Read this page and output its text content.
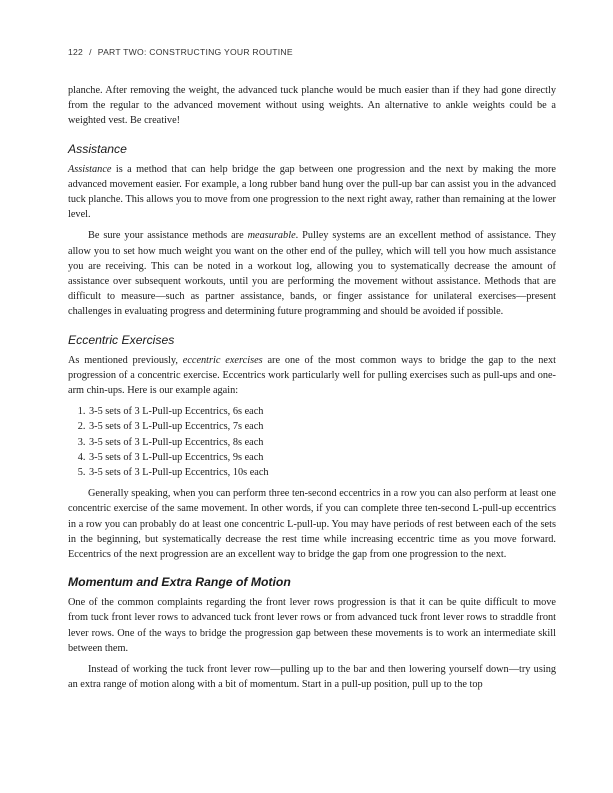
122 / PART TWO: CONSTRUCTING YOUR ROUTINE

planche. After removing the weight, the advanced tuck planche would be much easier than if they had gone directly from the regular to the advanced movement without using weights. An alternative to ankle weights could be a weighted vest. Be creative!

Assistance

Assistance is a method that can help bridge the gap between one progression and the next by making the more advanced movement easier. For example, a long rubber band hung over the pull-up bar can assist you in the advanced tuck planche. This allows you to move from one progression to the next right away, rather than remaining at the lower level.

Be sure your assistance methods are measurable. Pulley systems are an excellent method of assistance. They allow you to set how much weight you want on the other end of the pulley, which will tell you how much assistance you are receiving. This can be noted in a workout log, allowing you to systematically decrease the amount of assistance over subsequent workouts, until you are performing the movement without assistance. Methods that are difficult to measure—such as partner assistance, bands, or finger assistance for unilateral exercises—present challenges in evaluating progress and determining future programming and should be avoided if possible.

Eccentric Exercises

As mentioned previously, eccentric exercises are one of the most common ways to bridge the gap to the next progression of a concentric exercise. Eccentrics work particularly well for pulling exercises such as pull-ups and one-arm chin-ups. Here is our example again:

1. 3-5 sets of 3 L-Pull-up Eccentrics, 6s each
2. 3-5 sets of 3 L-Pull-up Eccentrics, 7s each
3. 3-5 sets of 3 L-Pull-up Eccentrics, 8s each
4. 3-5 sets of 3 L-Pull-up Eccentrics, 9s each
5. 3-5 sets of 3 L-Pull-up Eccentrics, 10s each

Generally speaking, when you can perform three ten-second eccentrics in a row you can also perform at least one concentric exercise of the same movement. In other words, if you can complete three ten-second L-pull-up eccentrics in a row you can probably do at least one concentric L-pull-up. You may have periods of rest between each of the sets in the beginning, but systematically decrease the rest time while increasing eccentric time as you move forward. Eccentrics of the next progression are an excellent way to bridge the gap from one progression to the next.

Momentum and Extra Range of Motion

One of the common complaints regarding the front lever rows progression is that it can be quite difficult to move from tuck front lever rows to advanced tuck front lever rows or from advanced tuck front lever rows to straddle front lever rows. One of the ways to bridge the progression gap between these movements is to work an intermediate skill between them.

Instead of working the tuck front lever row—pulling up to the bar and then lowering yourself down—try using an extra range of motion along with a bit of momentum. Start in a pull-up position, pull up to the top
